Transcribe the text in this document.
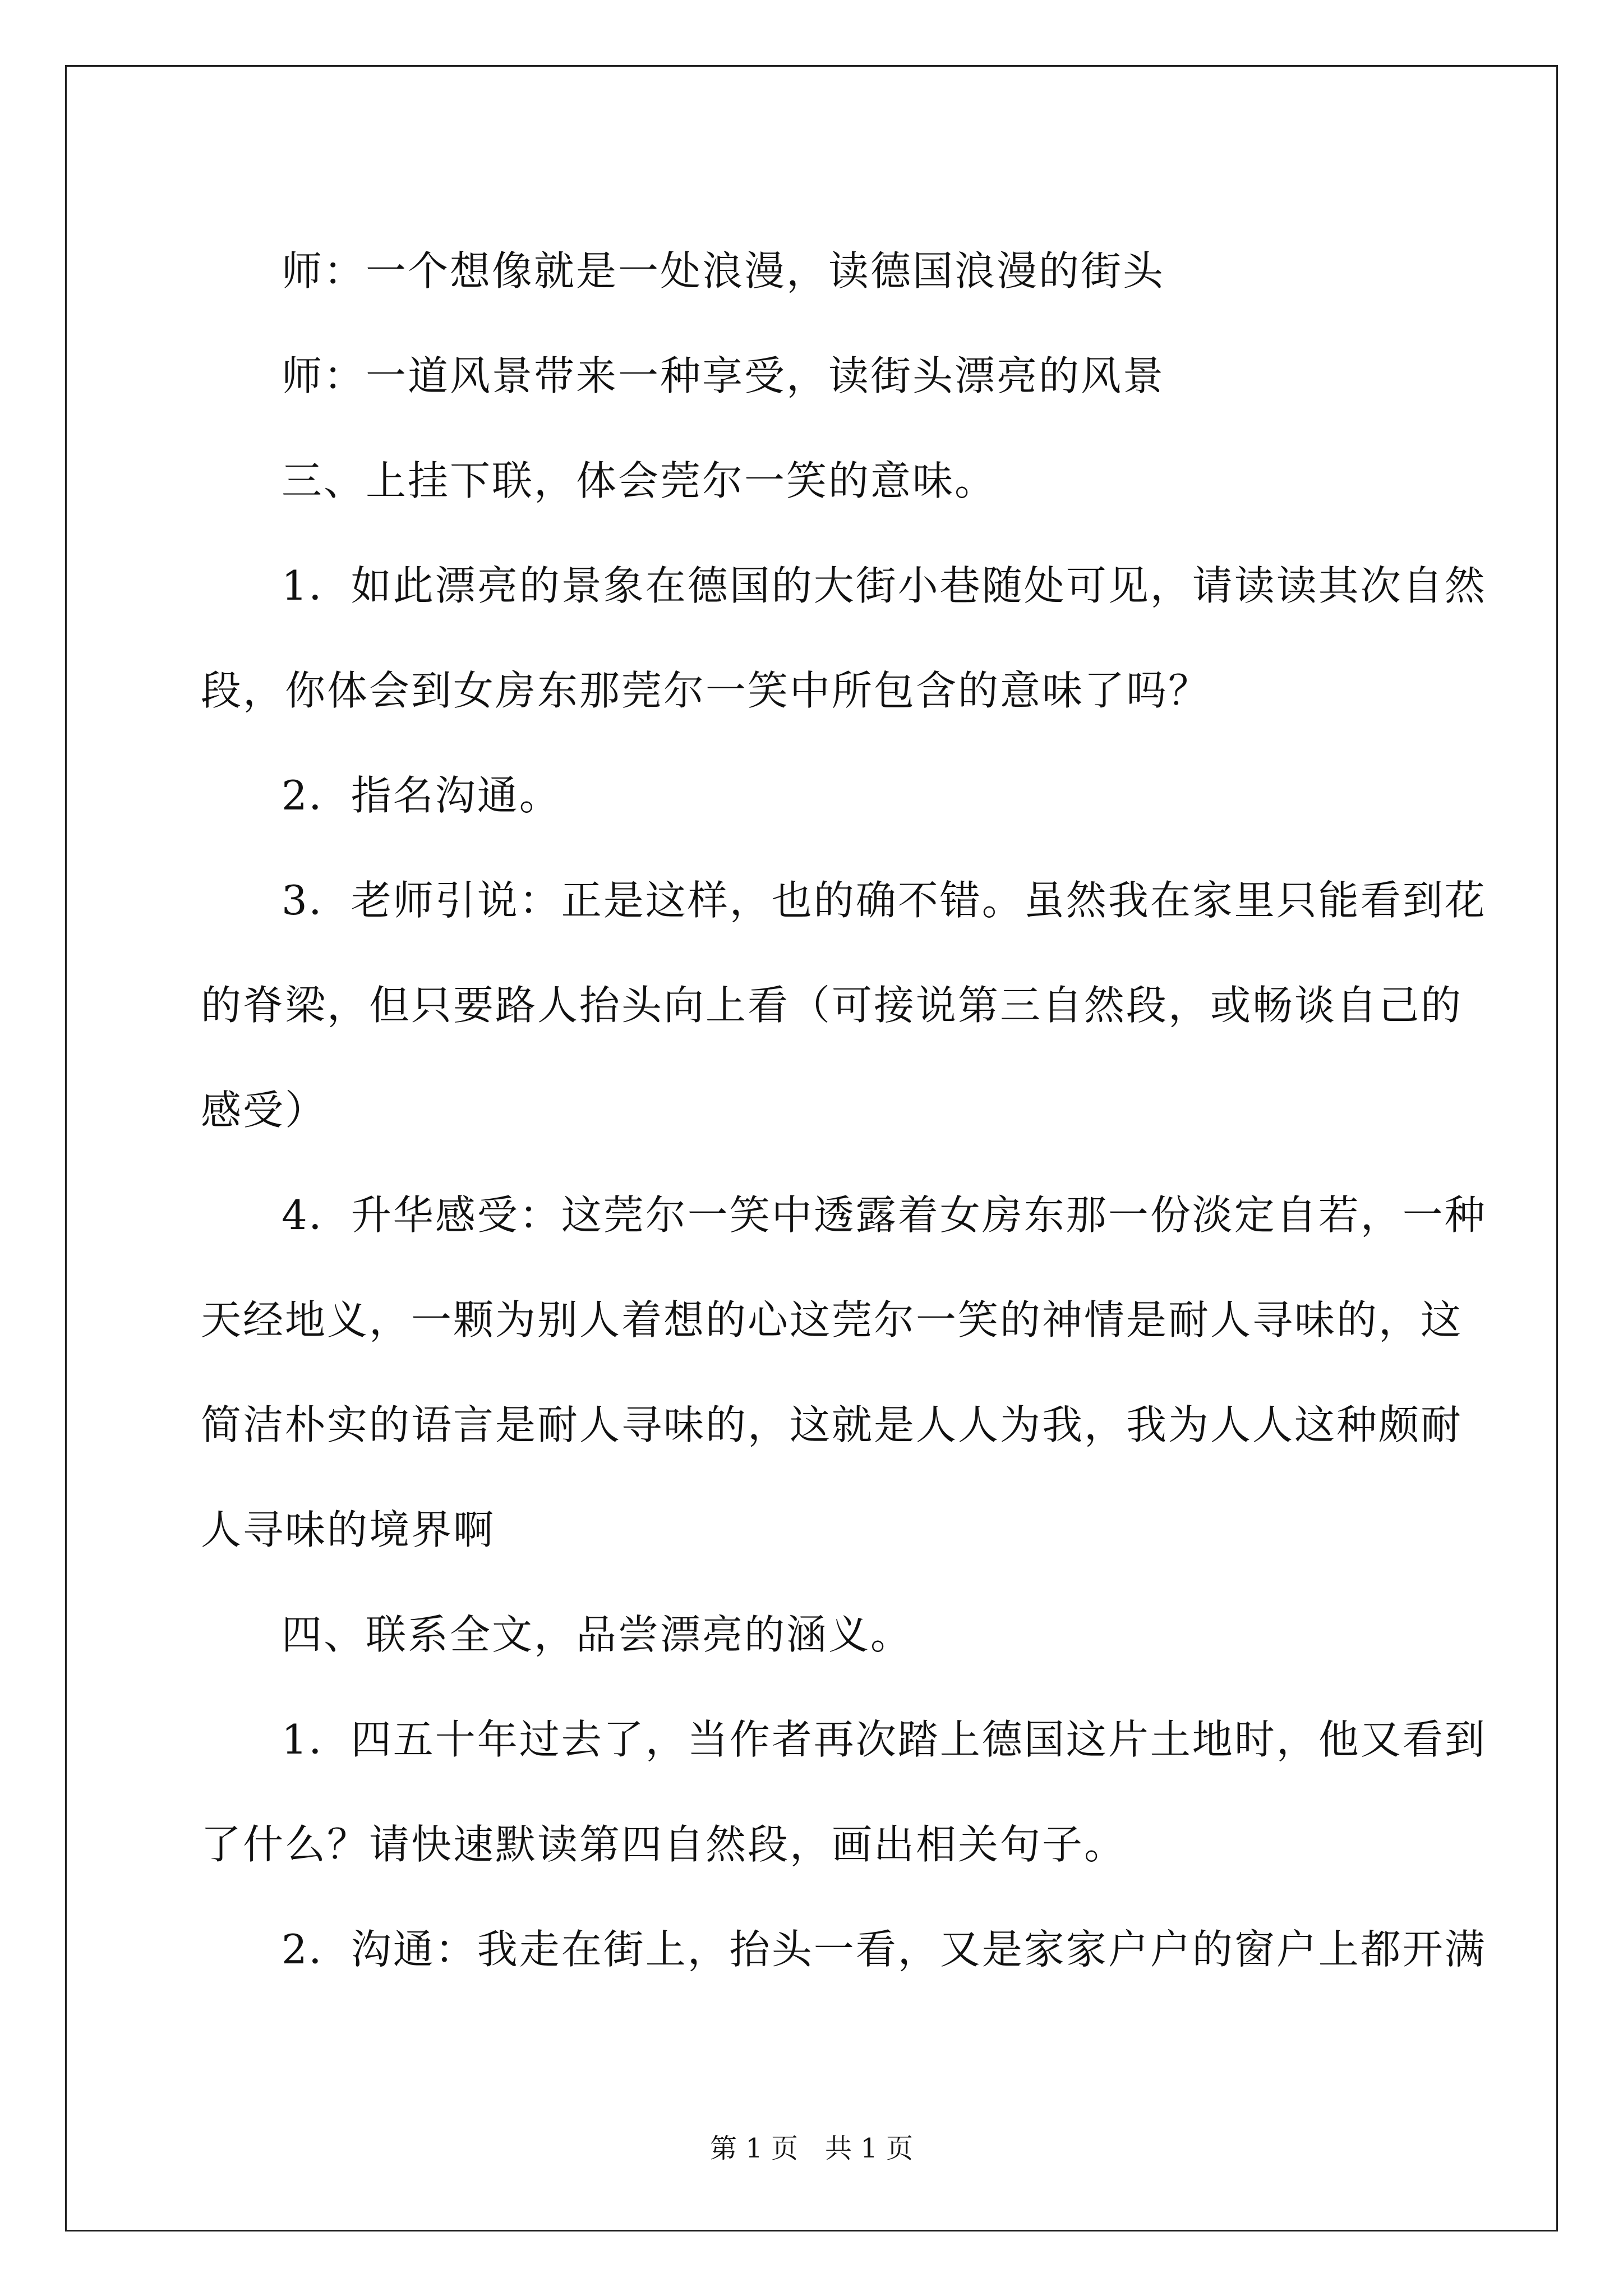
师：一个想像就是一处浪漫，读德国浪漫的街头
师：一道风景带来一种享受，读街头漂亮的风景
三、上挂下联，体会莞尔一笑的意味。
1．如此漂亮的景象在德国的大街小巷随处可见，请读读其次自然
段，你体会到女房东那莞尔一笑中所包含的意味了吗？
2．指名沟通。
3．老师引说：正是这样，也的确不错。虽然我在家里只能看到花
的脊梁，但只要路人抬头向上看（可接说第三自然段，或畅谈自己的
感受）
4．升华感受：这莞尔一笑中透露着女房东那一份淡定自若，一种
天经地义，一颗为别人着想的心这莞尔一笑的神情是耐人寻味的，这
简洁朴实的语言是耐人寻味的，这就是人人为我，我为人人这种颇耐
人寻味的境界啊
四、联系全文，品尝漂亮的涵义。
1．四五十年过去了，当作者再次踏上德国这片土地时，他又看到
了什么？请快速默读第四自然段，画出相关句子。
2．沟通：我走在街上，抬头一看，又是家家户户的窗户上都开满
第 1 页　共 1 页
